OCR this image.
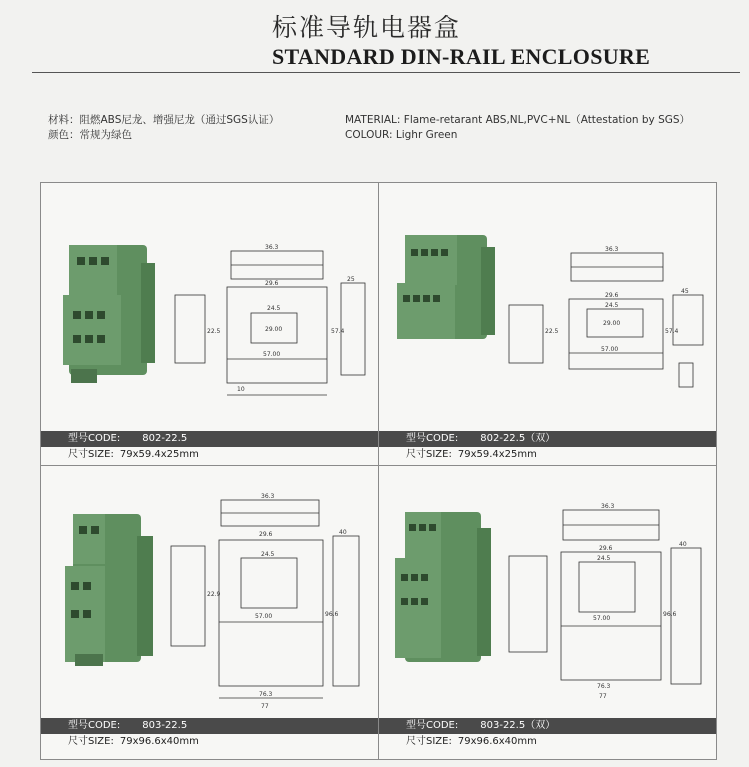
标准导轨电器盒
STANDARD DIN-RAIL ENCLOSURE
材料：阻燃ABS尼龙、增强尼龙（通过SGS认证）
颜色：常规为绿色
MATERIAL: Flame-retarant ABS,NL,PVC+NL（Attestation by SGS）
COLOUR: Lighr Green
36.3
29.6
24.5
29.00
57.00
57.4
22.5
10
25
型号CODE: 802-22.5
尺寸SIZE: 79x59.4x25mm
36.3
29.6
24.5
29.00
57.00
57.4
22.5
45
型号CODE: 802-22.5（双）
尺寸SIZE: 79x59.4x25mm
36.3
29.6
24.5
57.00
76.3
77
96.6
40
22.9
型号CODE: 803-22.5
尺寸SIZE: 79x96.6x40mm
36.3
29.6
24.5
57.00
76.3
77
96.6
40
型号CODE: 803-22.5（双）
尺寸SIZE: 79x96.6x40mm
